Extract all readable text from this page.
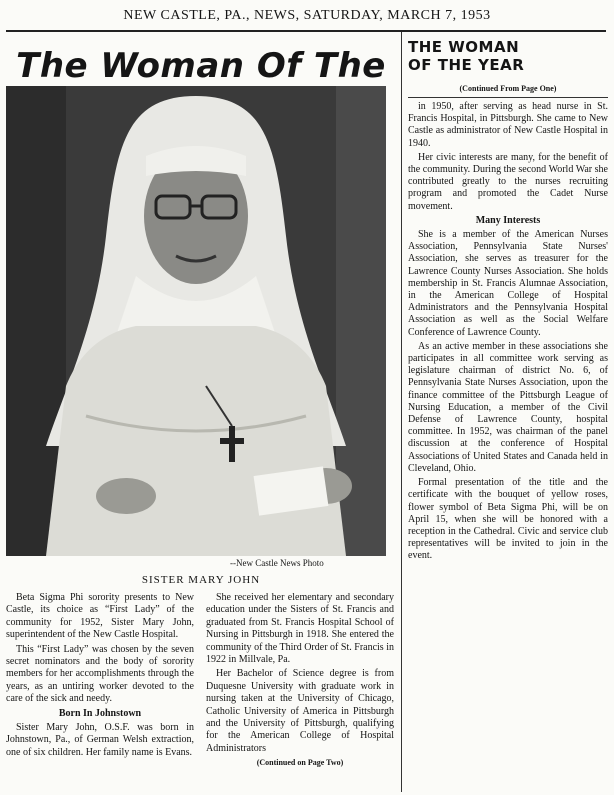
NEW CASTLE, PA., NEWS, SATURDAY, MARCH 7, 1953
The Woman Of The
--New Castle News Photo
SISTER MARY JOHN

Beta Sigma Phi sorority presents to New Castle, its choice as “First Lady” of the community for 1952, Sister Mary John, superintendent of the New Castle Hospital.

This “First Lady” was chosen by the seven secret nominators and the body of sorority members for her accomplishments through the years, as an untiring worker devoted to the care of the sick and needy.

Born In Johnstown

Sister Mary John, O.S.F. was born in Johnstown, Pa., of German Welsh extraction, one of six children. Her family name is Evans.

She received her elementary and secondary education under the Sisters of St. Francis and graduated from St. Francis Hospital School of Nursing in Pittsburgh in 1918. She entered the community of the Third Order of St. Francis in 1922 in Millvale, Pa.

Her Bachelor of Science degree is from Duquesne University with graduate work in nursing taken at the University of Chicago, Catholic University of America in Pittsburgh and the University of Pittsburgh, qualifying for the American College of Hospital Administrators

(Continued on Page Two)
THE WOMAN
OF THE YEAR
(Continued From Page One)

in 1950, after serving as head nurse in St. Francis Hospital, in Pittsburgh. She came to New Castle as administrator of New Castle Hospital in 1940.

Her civic interests are many, for the benefit of the community. During the second World War she contributed greatly to the nurses recruiting program and promoted the Cadet Nurse movement.

Many Interests

She is a member of the American Nurses Association, Pennsylvania State Nurses' Association, she serves as treasurer for the Lawrence County Nurses Association. She holds membership in St. Francis Alumnae Association, in the American College of Hospital Administrators and the Pennsylvania Hospital Association as well as the Social Welfare Conference of Lawrence County.

As an active member in these associations she participates in all committee work serving as legislature chairman of district No. 6, of Pennsylvania State Nurses Association, upon the finance committee of the Pittsburgh League of Nursing Education, a member of the Civil Defense of Lawrence County, hospital committee. In 1952, was chairman of the panel discussion at the conference of Hospital Associations of United States and Canada held in Cleveland, Ohio.

Formal presentation of the title and the certificate with the bouquet of yellow roses, flower symbol of Beta Sigma Phi, will be on April 15, when she will be honored with a reception in the Cathedral. Civic and service club representatives will be invited to join in the event.
